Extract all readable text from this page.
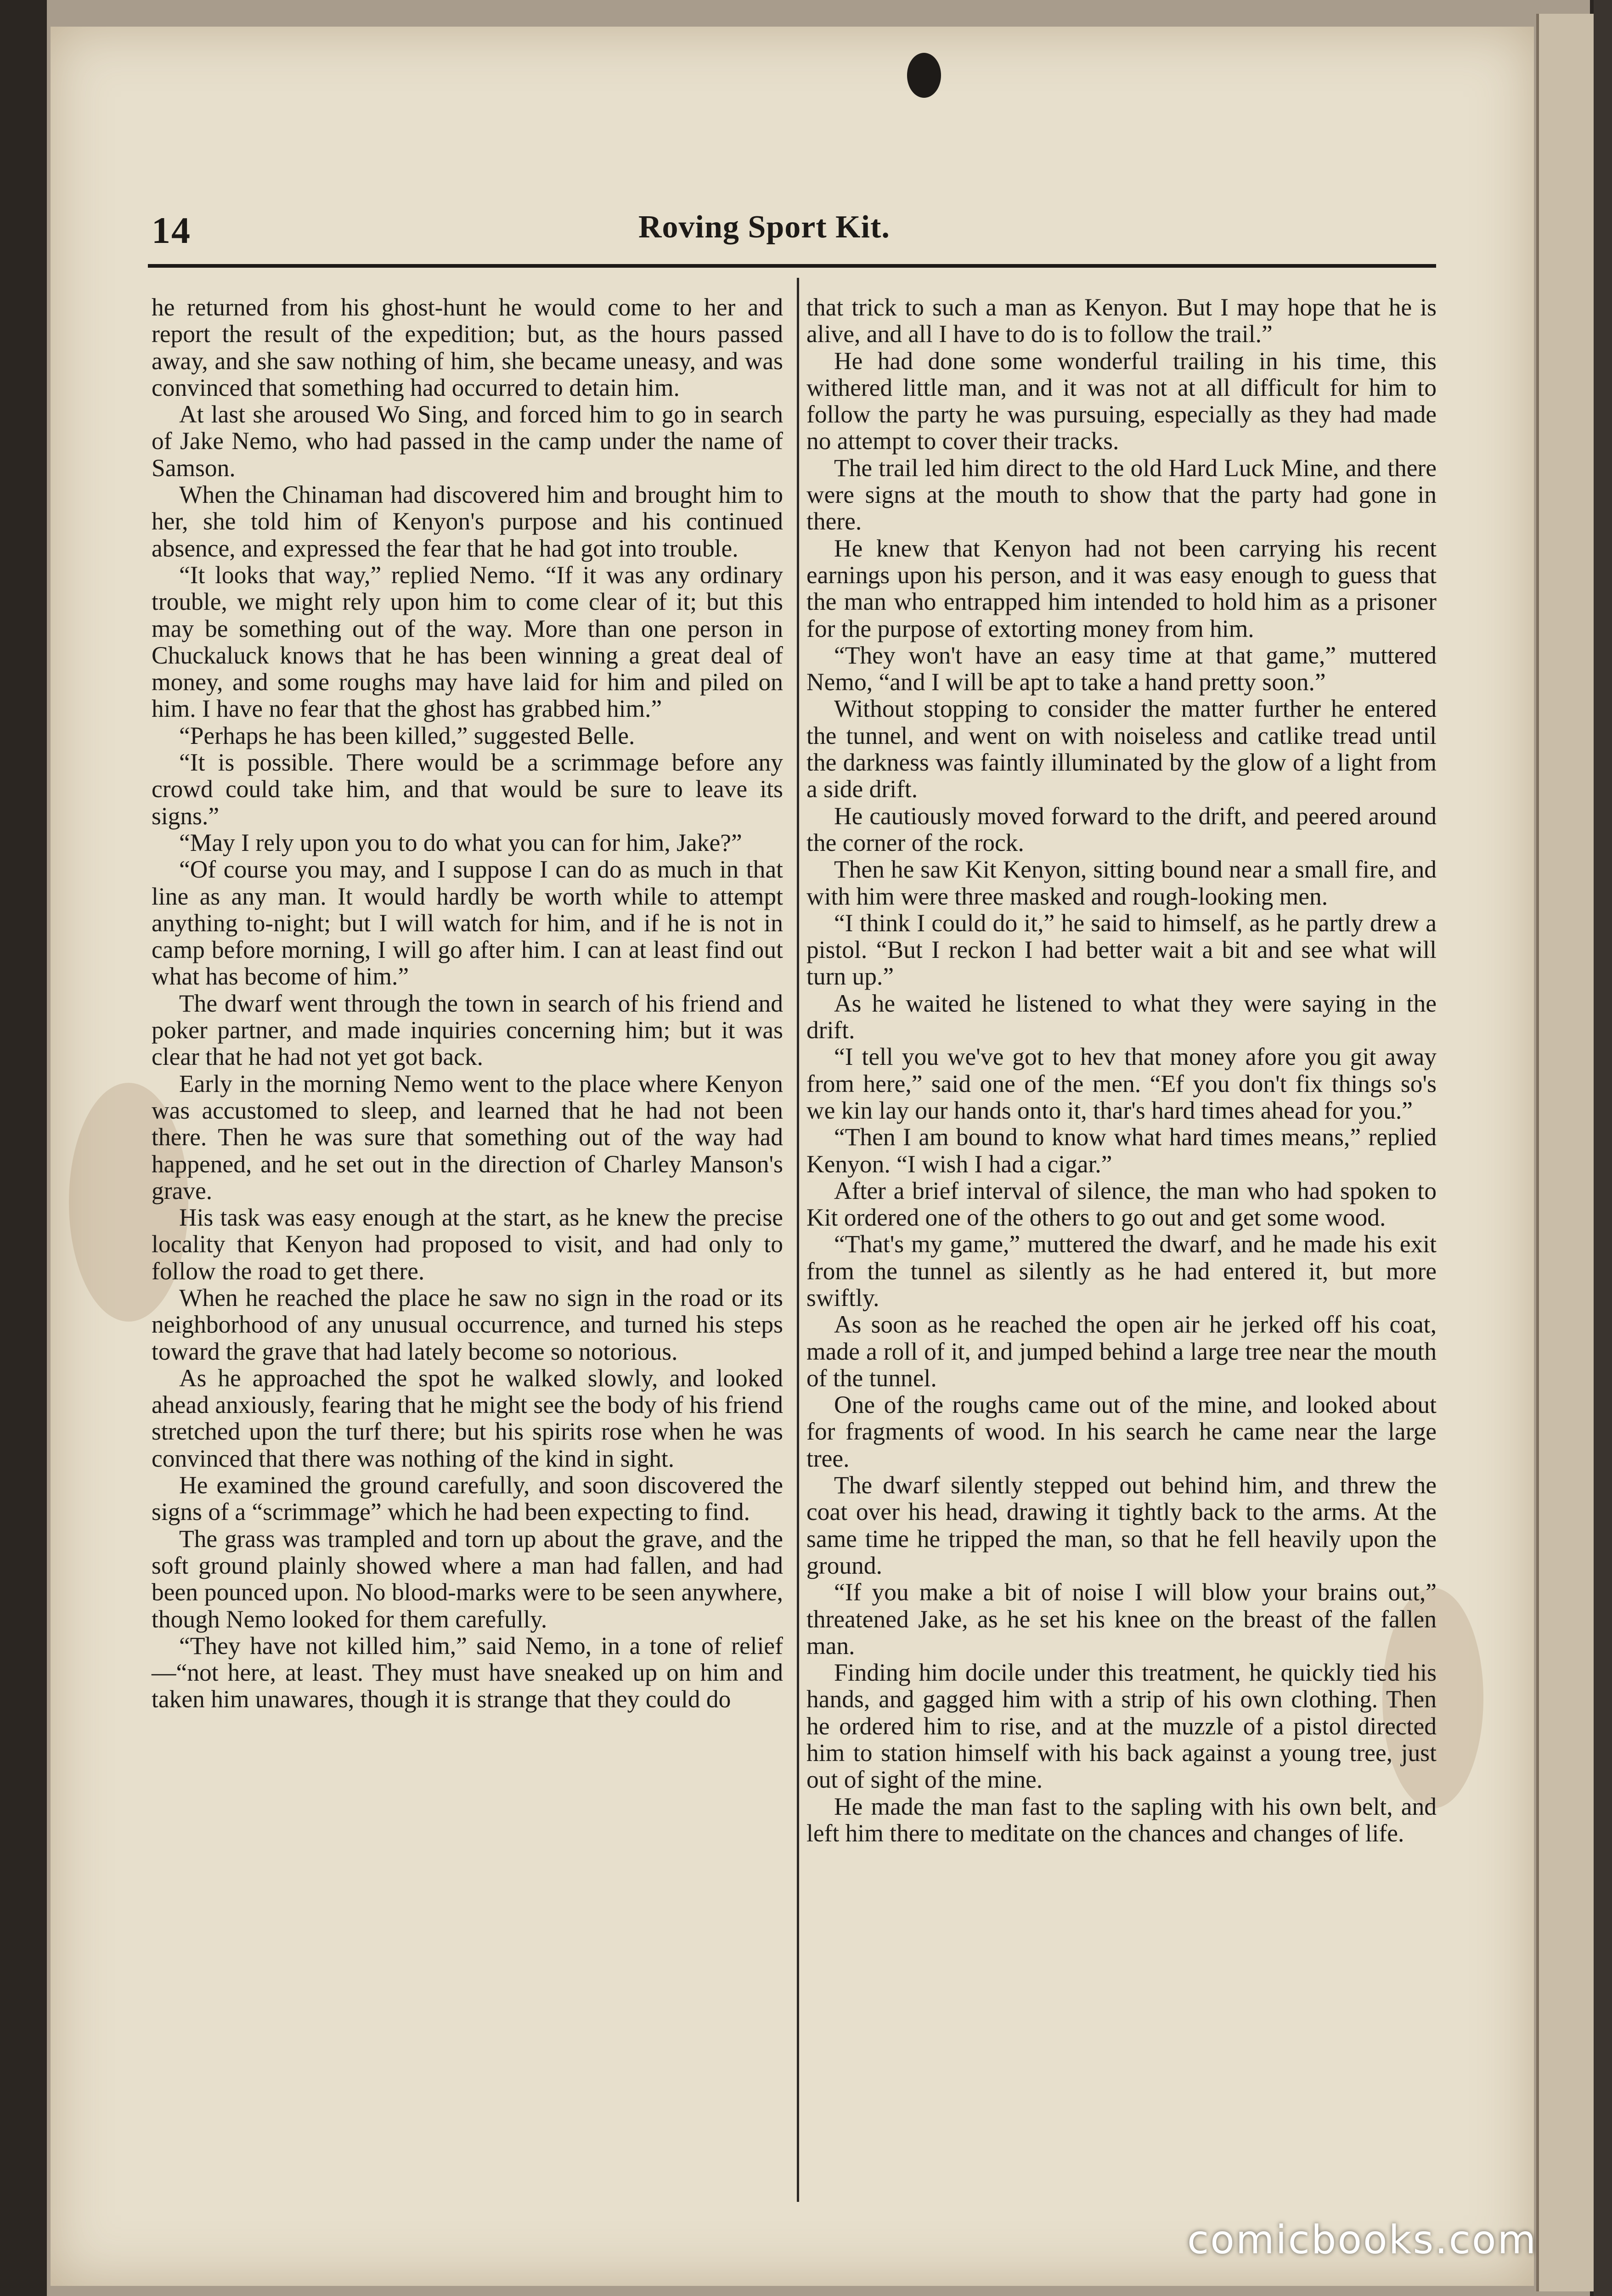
14	Roving Sport Kit.

he returned from his ghost-hunt he would come to her and report the result of the expedition; but, as the hours passed away, and she saw nothing of him, she became uneasy, and was convinced that something had occurred to detain him.

At last she aroused Wo Sing, and forced him to go in search of Jake Nemo, who had passed in the camp under the name of Samson.

When the Chinaman had discovered him and brought him to her, she told him of Kenyon's purpose and his continued absence, and expressed the fear that he had got into trouble.

“It looks that way,” replied Nemo. “If it was any ordinary trouble, we might rely upon him to come clear of it; but this may be something out of the way. More than one person in Chuckaluck knows that he has been winning a great deal of money, and some roughs may have laid for him and piled on him. I have no fear that the ghost has grabbed him.”

“Perhaps he has been killed,” suggested Belle.

“It is possible. There would be a scrimmage before any crowd could take him, and that would be sure to leave its signs.”

“May I rely upon you to do what you can for him, Jake?”

“Of course you may, and I suppose I can do as much in that line as any man. It would hardly be worth while to attempt anything to-night; but I will watch for him, and if he is not in camp before morning, I will go after him. I can at least find out what has become of him.”

The dwarf went through the town in search of his friend and poker partner, and made inquiries concerning him; but it was clear that he had not yet got back.

Early in the morning Nemo went to the place where Kenyon was accustomed to sleep, and learned that he had not been there. Then he was sure that something out of the way had happened, and he set out in the direction of Charley Manson's grave.

His task was easy enough at the start, as he knew the precise locality that Kenyon had proposed to visit, and had only to follow the road to get there.

When he reached the place he saw no sign in the road or its neighborhood of any unusual occurrence, and turned his steps toward the grave that had lately become so notorious.

As he approached the spot he walked slowly, and looked ahead anxiously, fearing that he might see the body of his friend stretched upon the turf there; but his spirits rose when he was convinced that there was nothing of the kind in sight.

He examined the ground carefully, and soon discovered the signs of a “scrimmage” which he had been expecting to find.

The grass was trampled and torn up about the grave, and the soft ground plainly showed where a man had fallen, and had been pounced upon. No blood-marks were to be seen anywhere, though Nemo looked for them carefully.

“They have not killed him,” said Nemo, in a tone of relief—“not here, at least. They must have sneaked up on him and taken him unawares, though it is strange that they could do

that trick to such a man as Kenyon. But I may hope that he is alive, and all I have to do is to follow the trail.”

He had done some wonderful trailing in his time, this withered little man, and it was not at all difficult for him to follow the party he was pursuing, especially as they had made no attempt to cover their tracks.

The trail led him direct to the old Hard Luck Mine, and there were signs at the mouth to show that the party had gone in there.

He knew that Kenyon had not been carrying his recent earnings upon his person, and it was easy enough to guess that the man who entrapped him intended to hold him as a prisoner for the purpose of extorting money from him.

“They won't have an easy time at that game,” muttered Nemo, “and I will be apt to take a hand pretty soon.”

Without stopping to consider the matter further he entered the tunnel, and went on with noiseless and catlike tread until the darkness was faintly illuminated by the glow of a light from a side drift.

He cautiously moved forward to the drift, and peered around the corner of the rock.

Then he saw Kit Kenyon, sitting bound near a small fire, and with him were three masked and rough-looking men.

“I think I could do it,” he said to himself, as he partly drew a pistol. “But I reckon I had better wait a bit and see what will turn up.”

As he waited he listened to what they were saying in the drift.

“I tell you we've got to hev that money afore you git away from here,” said one of the men. “Ef you don't fix things so's we kin lay our hands onto it, thar's hard times ahead for you.”

“Then I am bound to know what hard times means,” replied Kenyon. “I wish I had a cigar.”

After a brief interval of silence, the man who had spoken to Kit ordered one of the others to go out and get some wood.

“That's my game,” muttered the dwarf, and he made his exit from the tunnel as silently as he had entered it, but more swiftly.

As soon as he reached the open air he jerked off his coat, made a roll of it, and jumped behind a large tree near the mouth of the tunnel.

One of the roughs came out of the mine, and looked about for fragments of wood. In his search he came near the large tree.

The dwarf silently stepped out behind him, and threw the coat over his head, drawing it tightly back to the arms. At the same time he tripped the man, so that he fell heavily upon the ground.

“If you make a bit of noise I will blow your brains out,” threatened Jake, as he set his knee on the breast of the fallen man.

Finding him docile under this treatment, he quickly tied his hands, and gagged him with a strip of his own clothing. Then he ordered him to rise, and at the muzzle of a pistol directed him to station himself with his back against a young tree, just out of sight of the mine.

He made the man fast to the sapling with his own belt, and left him there to meditate on the chances and changes of life.

comicbooks.com
